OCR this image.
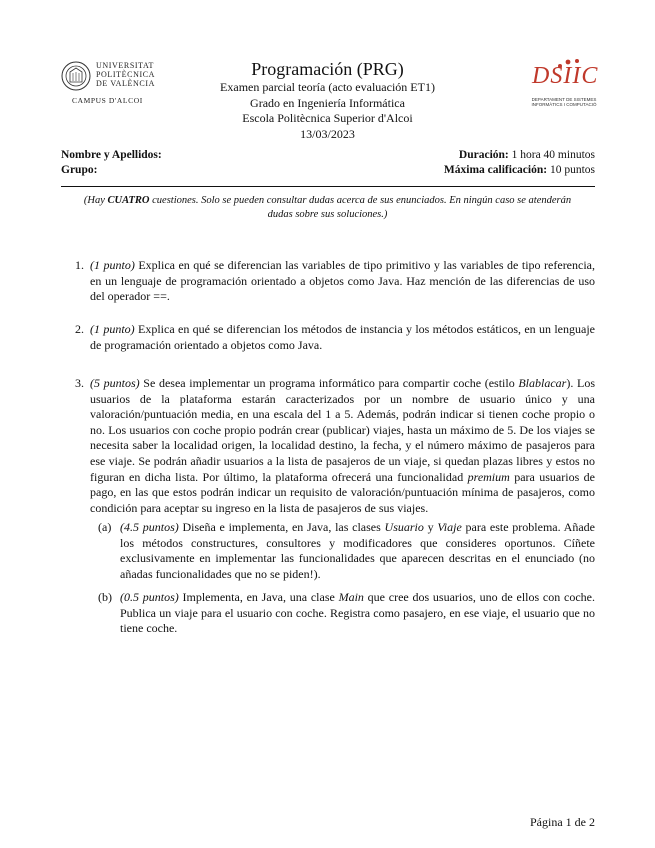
UNIVERSITAT
POLITÈCNICA
DE VALÈNCIA
CAMPUS D'ALCOI
Programación (PRG)
Examen parcial teoría (acto evaluación ET1)
Grado en Ingeniería Informática
Escola Politècnica Superior d'Alcoi
13/03/2023
DSIIC
DEPARTAMENT DE SISTEMES
INFORMÀTICS I COMPUTACIÓ
Nombre y Apellidos:	Duración: 1 hora 40 minutos
Grupo:	Máxima calificación: 10 puntos
(Hay CUATRO cuestiones. Solo se pueden consultar dudas acerca de sus enunciados. En ningún caso se atenderán dudas sobre sus soluciones.)
1. (1 punto) Explica en qué se diferencian las variables de tipo primitivo y las variables de tipo referencia, en un lenguaje de programación orientado a objetos como Java. Haz mención de las diferencias de uso del operador ==.
2. (1 punto) Explica en qué se diferencian los métodos de instancia y los métodos estáticos, en un lenguaje de programación orientado a objetos como Java.
3. (5 puntos) Se desea implementar un programa informático para compartir coche (estilo Blablacar). Los usuarios de la plataforma estarán caracterizados por un nombre de usuario único y una valoración/puntuación media, en una escala del 1 a 5. Además, podrán indicar si tienen coche propio o no. Los usuarios con coche propio podrán crear (publicar) viajes, hasta un máximo de 5. De los viajes se necesita saber la localidad origen, la localidad destino, la fecha, y el número máximo de pasajeros para ese viaje. Se podrán añadir usuarios a la lista de pasajeros de un viaje, si quedan plazas libres y estos no figuran en dicha lista. Por último, la plataforma ofrecerá una funcionalidad premium para usuarios de pago, en las que estos podrán indicar un requisito de valoración/puntuación mínima de pasajeros, como condición para aceptar su ingreso en la lista de pasajeros de sus viajes.
(a) (4.5 puntos) Diseña e implementa, en Java, las clases Usuario y Viaje para este problema. Añade los métodos constructures, consultores y modificadores que consideres oportunos. Cíñete exclusivamente en implementar las funcionalidades que aparecen descritas en el enunciado (no añadas funcionalidades que no se piden!).
(b) (0.5 puntos) Implementa, en Java, una clase Main que cree dos usuarios, uno de ellos con coche. Publica un viaje para el usuario con coche. Registra como pasajero, en ese viaje, el usuario que no tiene coche.
Página 1 de 2
